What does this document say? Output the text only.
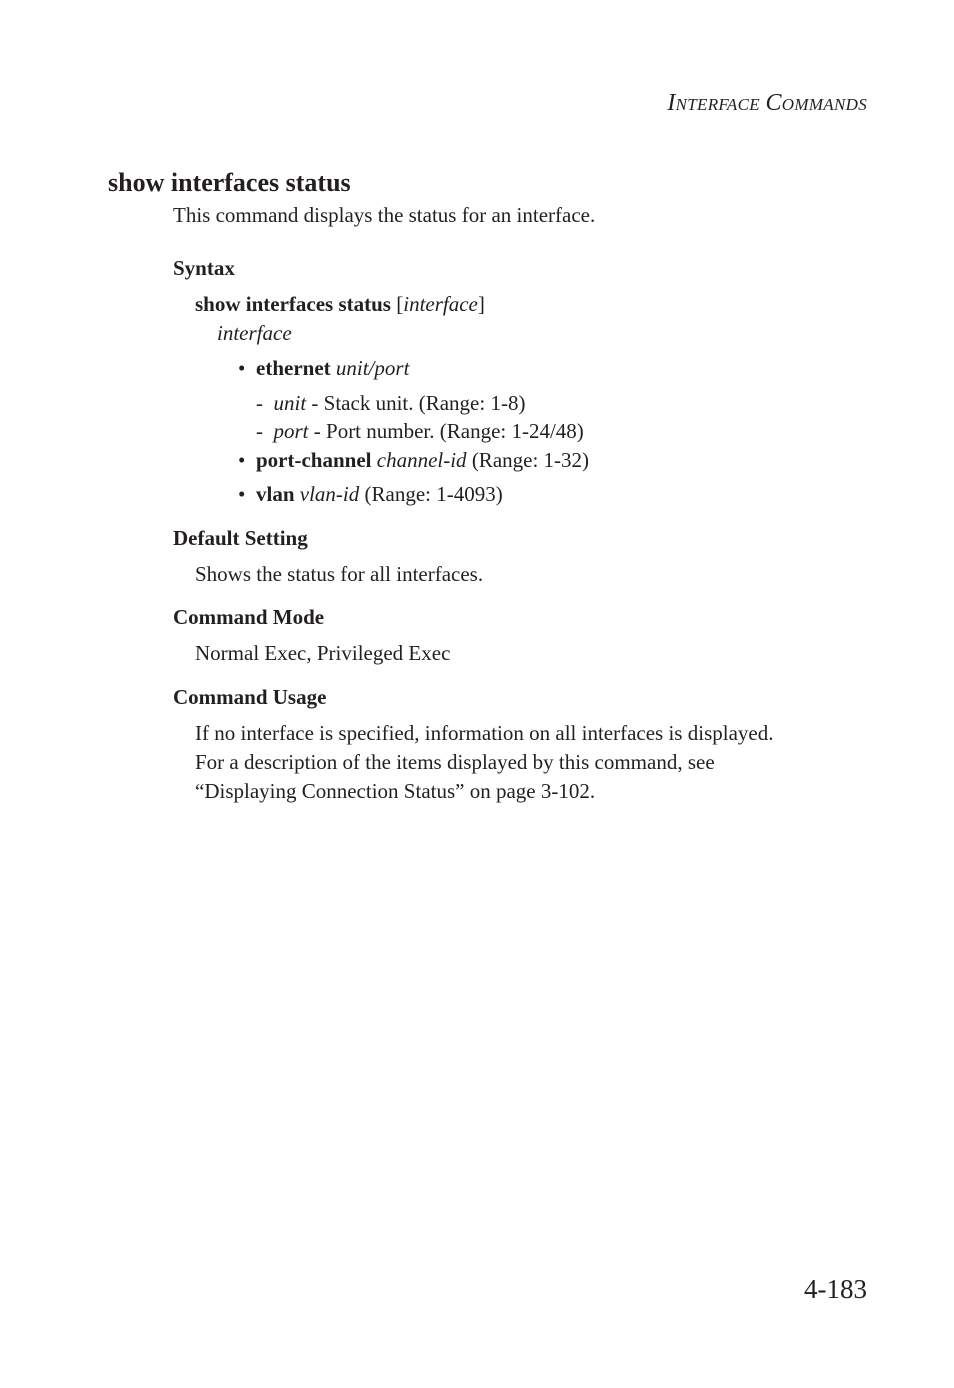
INTERFACE COMMANDS
show interfaces status
This command displays the status for an interface.
Syntax
show interfaces status [interface]
interface
• ethernet unit/port
- unit - Stack unit. (Range: 1-8)
- port - Port number. (Range: 1-24/48)
• port-channel channel-id (Range: 1-32)
• vlan vlan-id (Range: 1-4093)
Default Setting
Shows the status for all interfaces.
Command Mode
Normal Exec, Privileged Exec
Command Usage
If no interface is specified, information on all interfaces is displayed.
For a description of the items displayed by this command, see
“Displaying Connection Status” on page 3-102.
4-183
